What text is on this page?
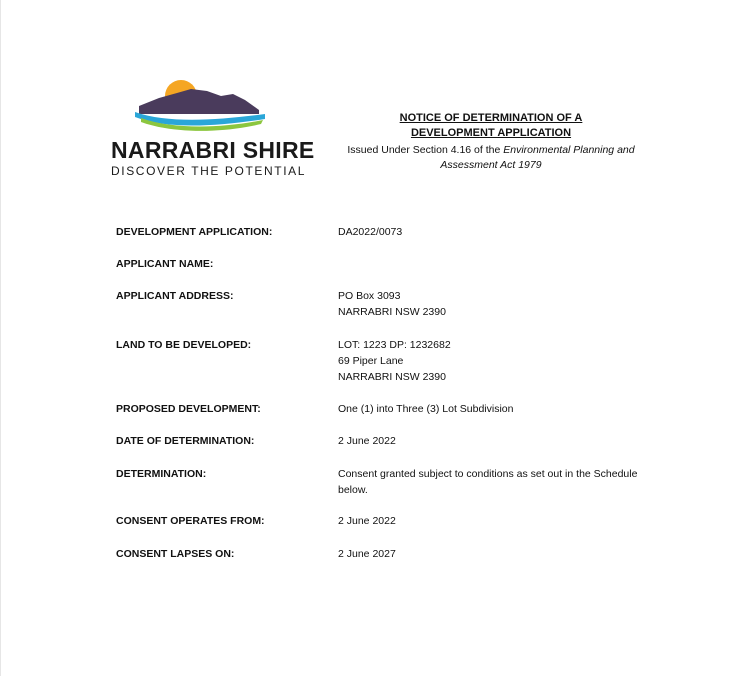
NARRABRI SHIRE
DISCOVER THE POTENTIAL
NOTICE OF DETERMINATION OF A
DEVELOPMENT APPLICATION
Issued Under Section 4.16 of the Environmental Planning and
Assessment Act 1979
DEVELOPMENT APPLICATION:	DA2022/0073
APPLICANT NAME:
APPLICANT ADDRESS:	PO Box 3093
NARRABRI NSW 2390
LAND TO BE DEVELOPED:	LOT: 1223 DP: 1232682
69 Piper Lane
NARRABRI NSW 2390
PROPOSED DEVELOPMENT:	One (1) into Three (3) Lot Subdivision
DATE OF DETERMINATION:	2 June 2022
DETERMINATION:	Consent granted subject to conditions as set out in the Schedule
below.
CONSENT OPERATES FROM:	2 June 2022
CONSENT LAPSES ON:	2 June 2027
